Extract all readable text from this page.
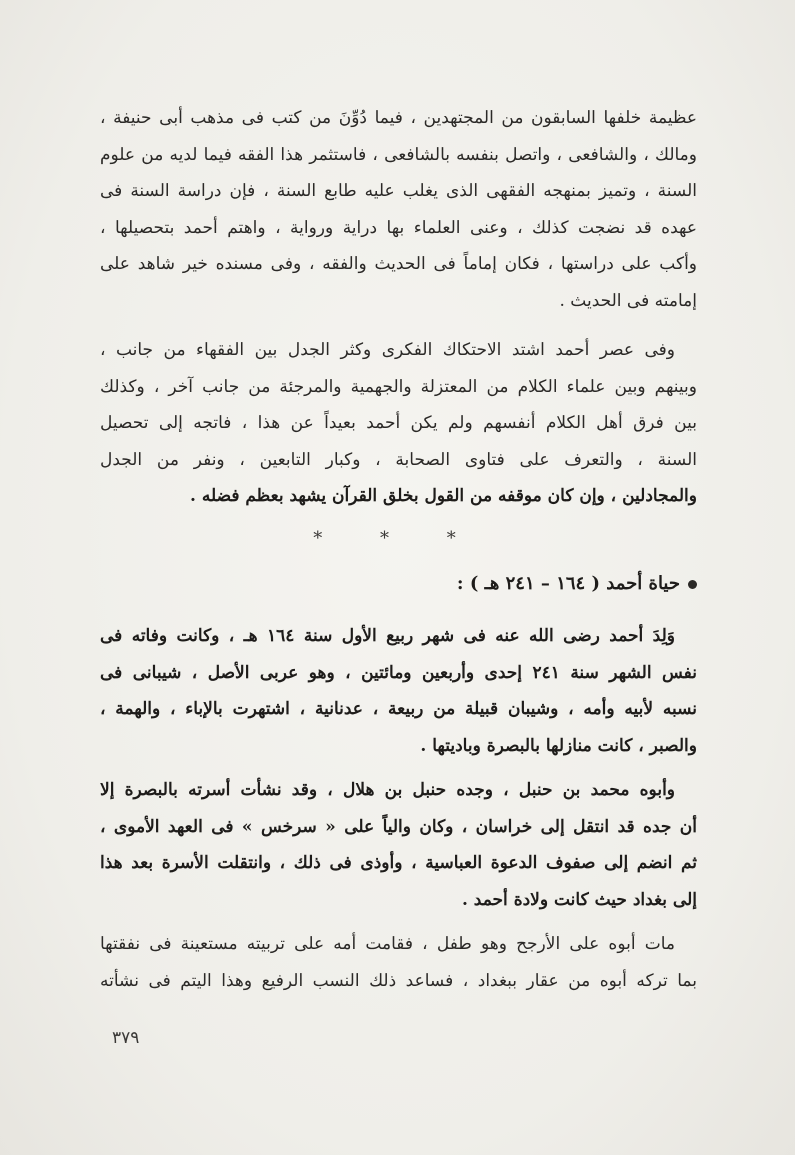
عظيمة خلفها السابقون من المجتهدين ، فيما دُوِّنَ من كتب فى مذهب أبى حنيفة ،
ومالك ، والشافعى ، واتصل بنفسه بالشافعى ، فاستثمر هذا الفقه فيما لديه من علوم
السنة ، وتميز بمنهجه الفقهى الذى يغلب عليه طابع السنة ، فإن دراسة السنة فى
عهده قد نضجت كذلك ، وعنى العلماء بها دراية ورواية ، واهتم أحمد بتحصيلها ،
وأكب على دراستها ، فكان إماماً فى الحديث والفقه ، وفى مسنده خير شاهد على
إمامته فى الحديث .
وفى عصر أحمد اشتد الاحتكاك الفكرى وكثر الجدل بين الفقهاء من جانب ،
وبينهم وبين علماء الكلام من المعتزلة والجهمية والمرجئة من جانب آخر ، وكذلك
بين فرق أهل الكلام أنفسهم ولم يكن أحمد بعيداً عن هذا ، فاتجه إلى تحصيل
السنة ، والتعرف على فتاوى الصحابة ، وكبار التابعين ، ونفر من الجدل
والمجادلين ، وإن كان موقفه من القول بخلق القرآن يشهد بعظم فضله .
* * *
حياة أحمد ( ١٦٤ – ٢٤١ هـ ) :
وَلِدَ أحمد رضى الله عنه فى شهر ربيع الأول سنة ١٦٤ هـ ، وكانت وفاته فى
نفس الشهر سنة ٢٤١ إحدى وأربعين ومائتين ، وهو عربى الأصل ، شيبانى فى
نسبه لأبيه وأمه ، وشيبان قبيلة من ربيعة ، عدنانية ، اشتهرت بالإباء ، والهمة ،
والصبر ، كانت منازلها بالبصرة وباديتها .
وأبوه محمد بن حنبل ، وجده حنبل بن هلال ، وقد نشأت أسرته بالبصرة إلا
أن جده قد انتقل إلى خراسان ، وكان والياً على « سرخس » فى العهد الأموى ،
ثم انضم إلى صفوف الدعوة العباسية ، وأوذى فى ذلك ، وانتقلت الأسرة بعد هذا
إلى بغداد حيث كانت ولادة أحمد .
مات أبوه على الأرجح وهو طفل ، فقامت أمه على تربيته مستعينة فى نفقتها
بما تركه أبوه من عقار ببغداد ، فساعد ذلك النسب الرفيع وهذا اليتم فى نشأته
٣٧٩
